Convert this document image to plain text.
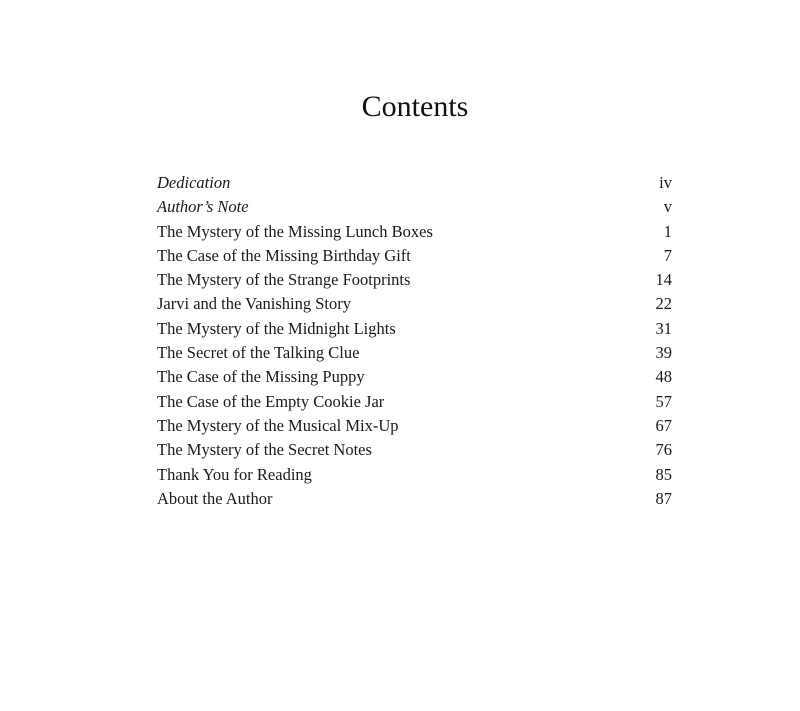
Contents
Dedication	iv
Author’s Note	v
The Mystery of the Missing Lunch Boxes	1
The Case of the Missing Birthday Gift	7
The Mystery of the Strange Footprints	14
Jarvi and the Vanishing Story	22
The Mystery of the Midnight Lights	31
The Secret of the Talking Clue	39
The Case of the Missing Puppy	48
The Case of the Empty Cookie Jar	57
The Mystery of the Musical Mix-Up	67
The Mystery of the Secret Notes	76
Thank You for Reading	85
About the Author	87
